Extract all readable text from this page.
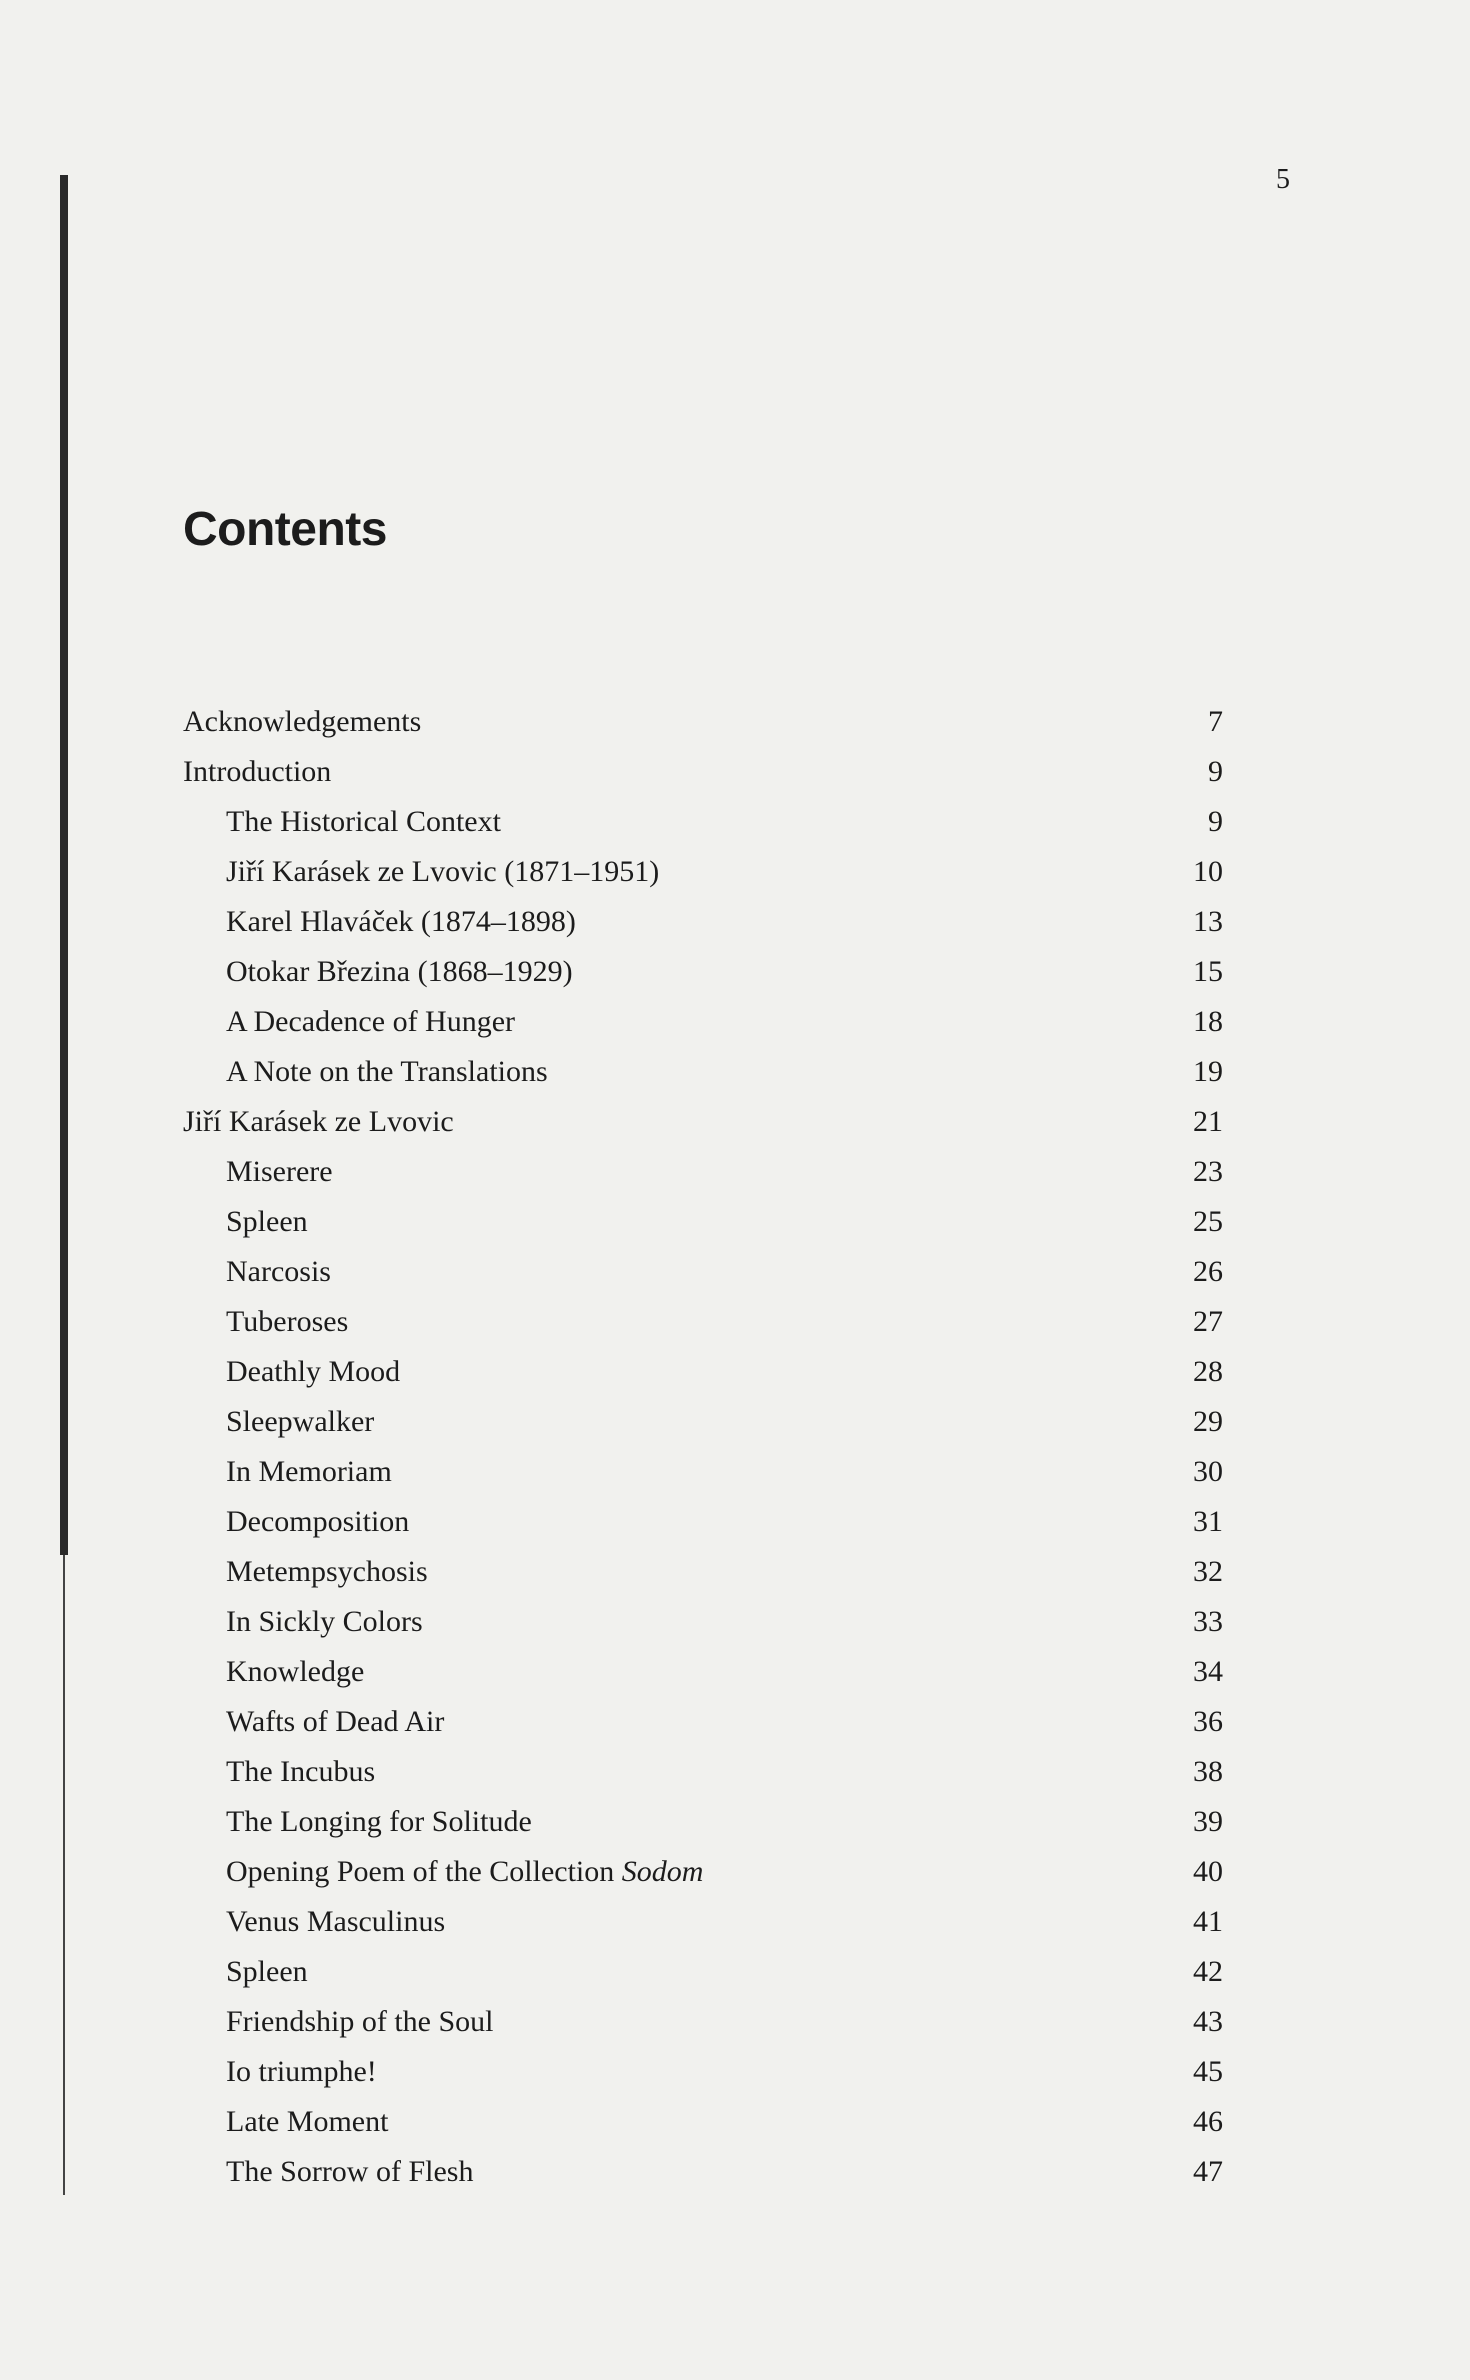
5
Contents
Acknowledgements	7
Introduction	9
The Historical Context	9
Jiří Karásek ze Lvovic (1871–1951)	10
Karel Hlaváček (1874–1898)	13
Otokar Březina (1868–1929)	15
A Decadence of Hunger	18
A Note on the Translations	19
Jiří Karásek ze Lvovic	21
Miserere	23
Spleen	25
Narcosis	26
Tuberoses	27
Deathly Mood	28
Sleepwalker	29
In Memoriam	30
Decomposition	31
Metempsychosis	32
In Sickly Colors	33
Knowledge	34
Wafts of Dead Air	36
The Incubus	38
The Longing for Solitude	39
Opening Poem of the Collection Sodom	40
Venus Masculinus	41
Spleen	42
Friendship of the Soul	43
Io triumphe!	45
Late Moment	46
The Sorrow of Flesh	47
